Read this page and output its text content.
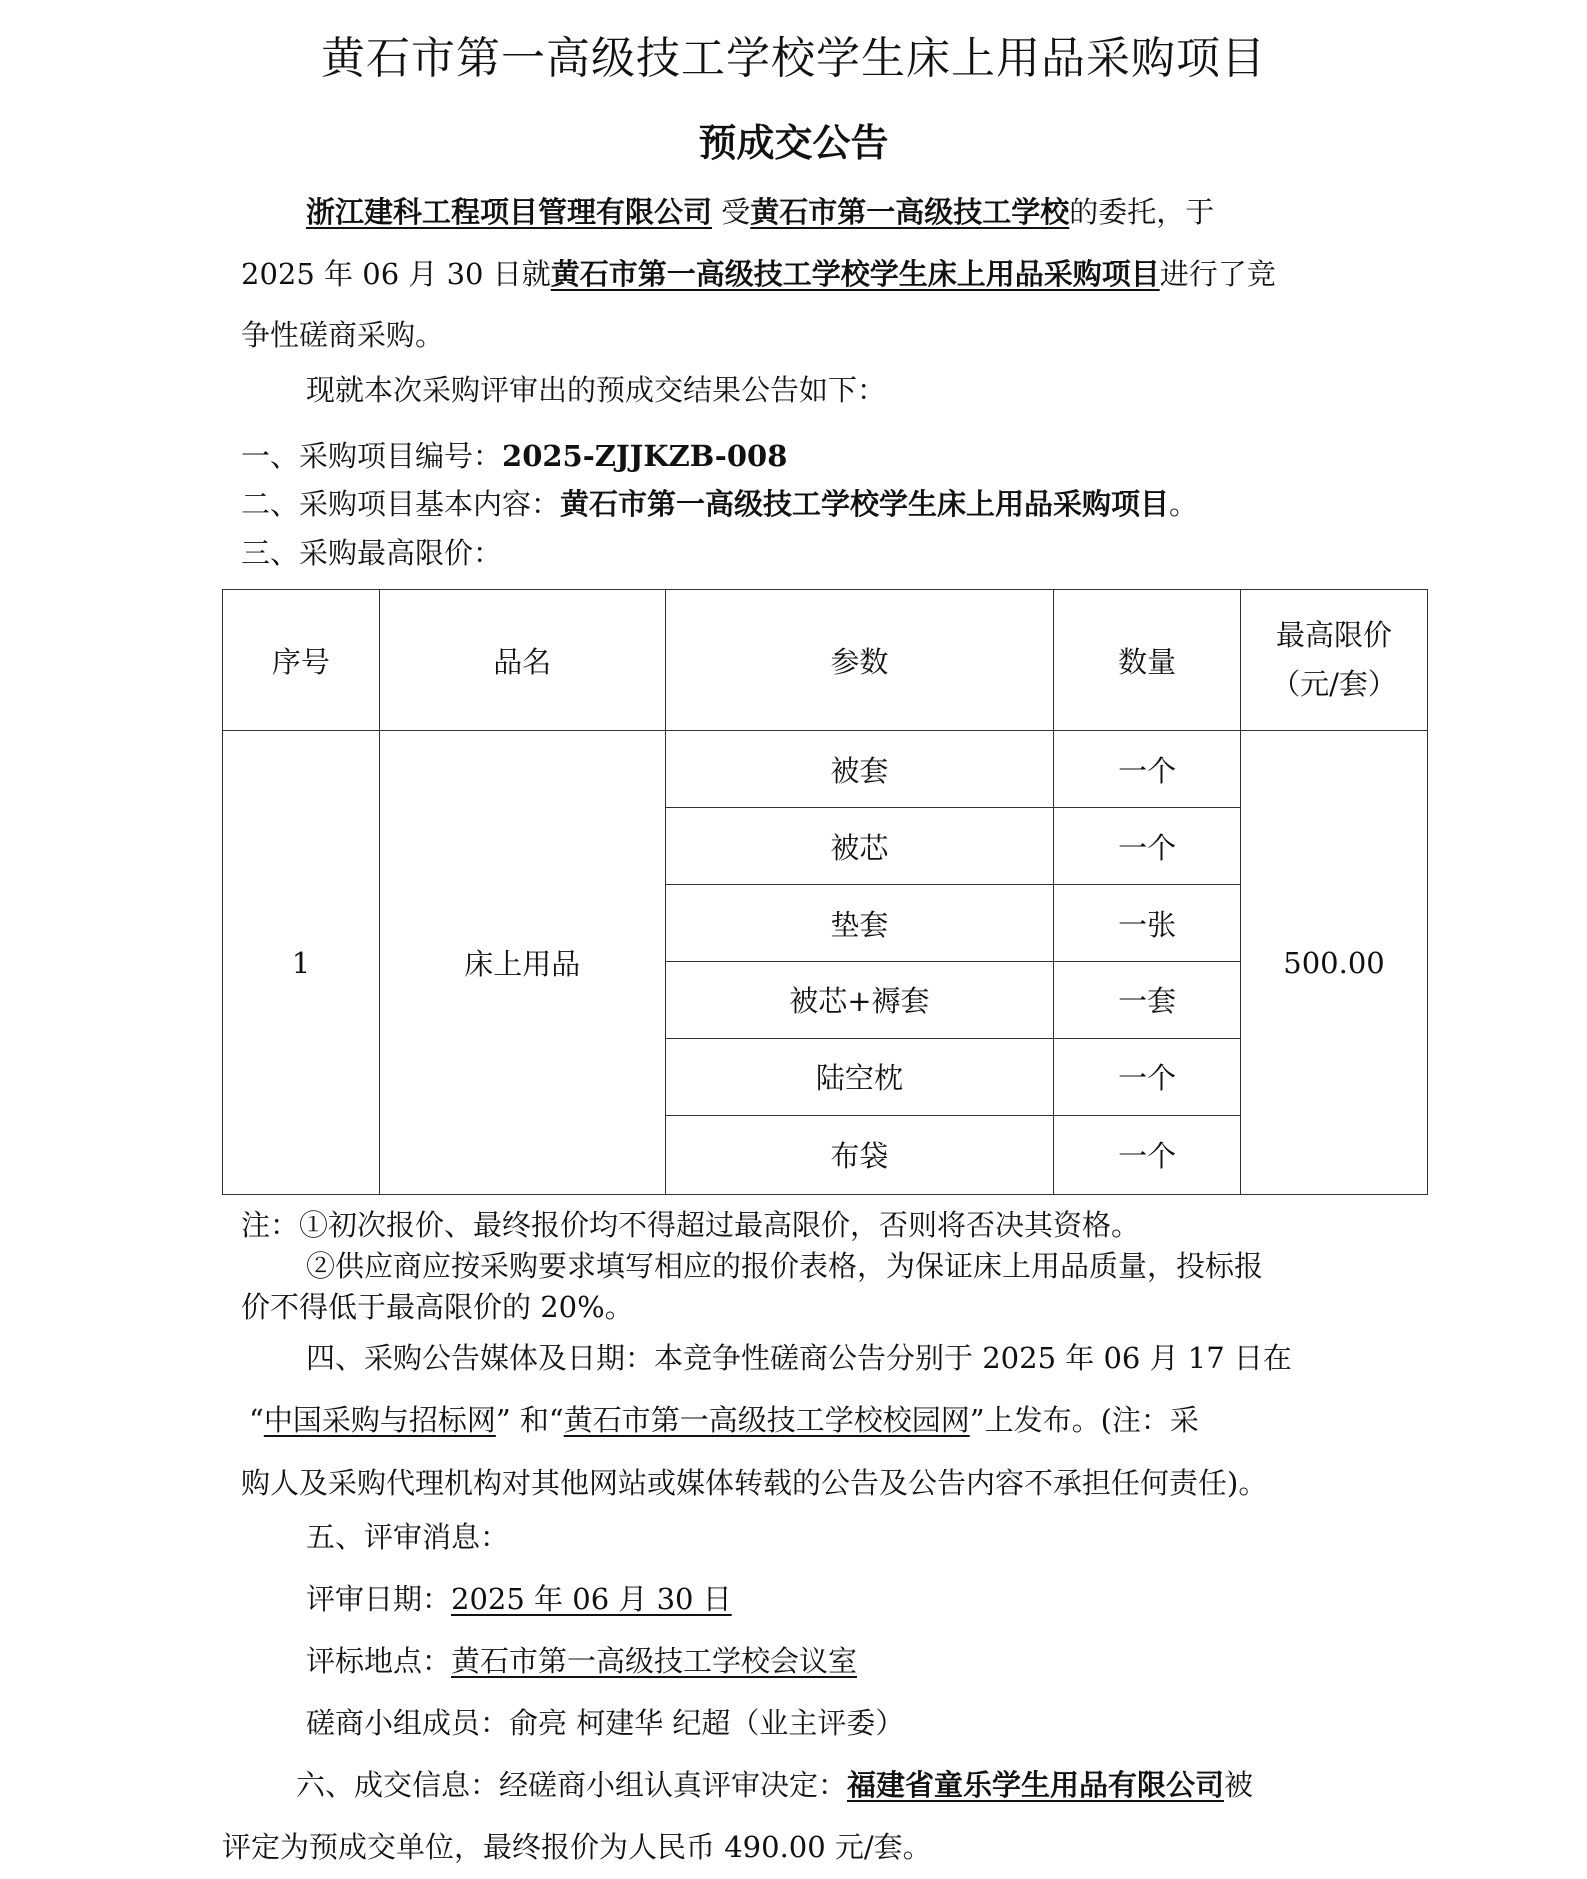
黄石市第一高级技工学校学生床上用品采购项目
预成交公告
浙江建科工程项目管理有限公司 受黄石市第一高级技工学校的委托，于
2025 年 06 月 30 日就黄石市第一高级技工学校学生床上用品采购项目进行了竞
争性磋商采购。
现就本次采购评审出的预成交结果公告如下：
一、采购项目编号：2025-ZJJKZB-008
二、采购项目基本内容：黄石市第一高级技工学校学生床上用品采购项目。
三、采购最高限价：
序号	品名	参数	数量	最高限价
（元/套）

1	床上用品	被套	一个	500.00
		被芯	一个	
		垫套	一张	
		被芯+褥套	一套	
		陆空枕	一个	
		布袋	一个	
注：①初次报价、最终报价均不得超过最高限价，否则将否决其资格。
②供应商应按采购要求填写相应的报价表格，为保证床上用品质量，投标报
价不得低于最高限价的 20%。
四、采购公告媒体及日期：本竞争性磋商公告分别于 2025 年 06 月 17 日在
“中国采购与招标网” 和“黄石市第一高级技工学校校园网”上发布。(注：采
购人及采购代理机构对其他网站或媒体转载的公告及公告内容不承担任何责任)。
五、评审消息：
评审日期：2025 年 06 月 30 日
评标地点：黄石市第一高级技工学校会议室
磋商小组成员：俞亮 柯建华 纪超（业主评委）
六、成交信息：经磋商小组认真评审决定：福建省童乐学生用品有限公司被
评定为预成交单位，最终报价为人民币 490.00 元/套。
